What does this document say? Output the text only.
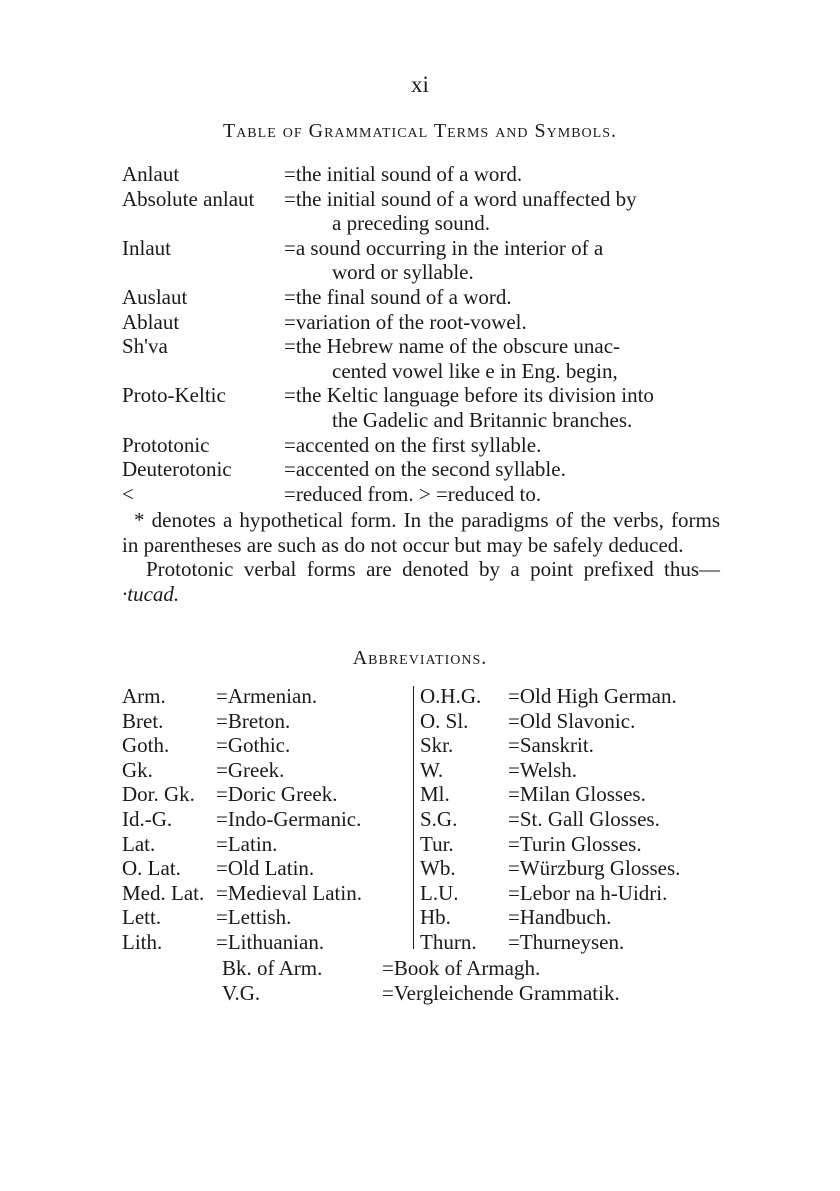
xi
Table of Grammatical Terms and Symbols.
Anlaut	=the initial sound of a word.
Absolute anlaut	=the initial sound of a word unaffected by
a preceding sound.
Inlaut	=a sound occurring in the interior of a
word or syllable.
Auslaut	=the final sound of a word.
Ablaut	=variation of the root-vowel.
Sh'va	=the Hebrew name of the obscure unac-
cented vowel like e in Eng. begin,
Proto-Keltic	=the Keltic language before its division into
the Gadelic and Britannic branches.
Prototonic	=accented on the first syllable.
Deuterotonic	=accented on the second syllable.
<	=reduced from. > =reduced to.

* denotes a hypothetical form. In the paradigms of the verbs, forms in parentheses are such as do not occur but may be safely deduced.

Prototonic verbal forms are denoted by a point prefixed thus—·tucad.

Abbreviations.
Arm.	=Armenian.
Bret.	=Breton.
Goth.	=Gothic.
Gk.	=Greek.
Dor. Gk.	=Doric Greek.
Id.-G.	=Indo-Germanic.
Lat.	=Latin.
O. Lat.	=Old Latin.
Med. Lat. =Medieval Latin.
Lett.	=Lettish.
Lith.	=Lithuanian.
O.H.G.	=Old High German.
O. Sl.	=Old Slavonic.
Skr.	=Sanskrit.
W.	=Welsh.
Ml.	=Milan Glosses.
S.G.	=St. Gall Glosses.
Tur.	=Turin Glosses.
Wb.	=Würzburg Glosses.
L.U.	=Lebor na h-Uidri.
Hb.	=Handbuch.
Thurn.	=Thurneysen.
Bk. of Arm.	=Book of Armagh.
V.G.	=Vergleichende Grammatik.
